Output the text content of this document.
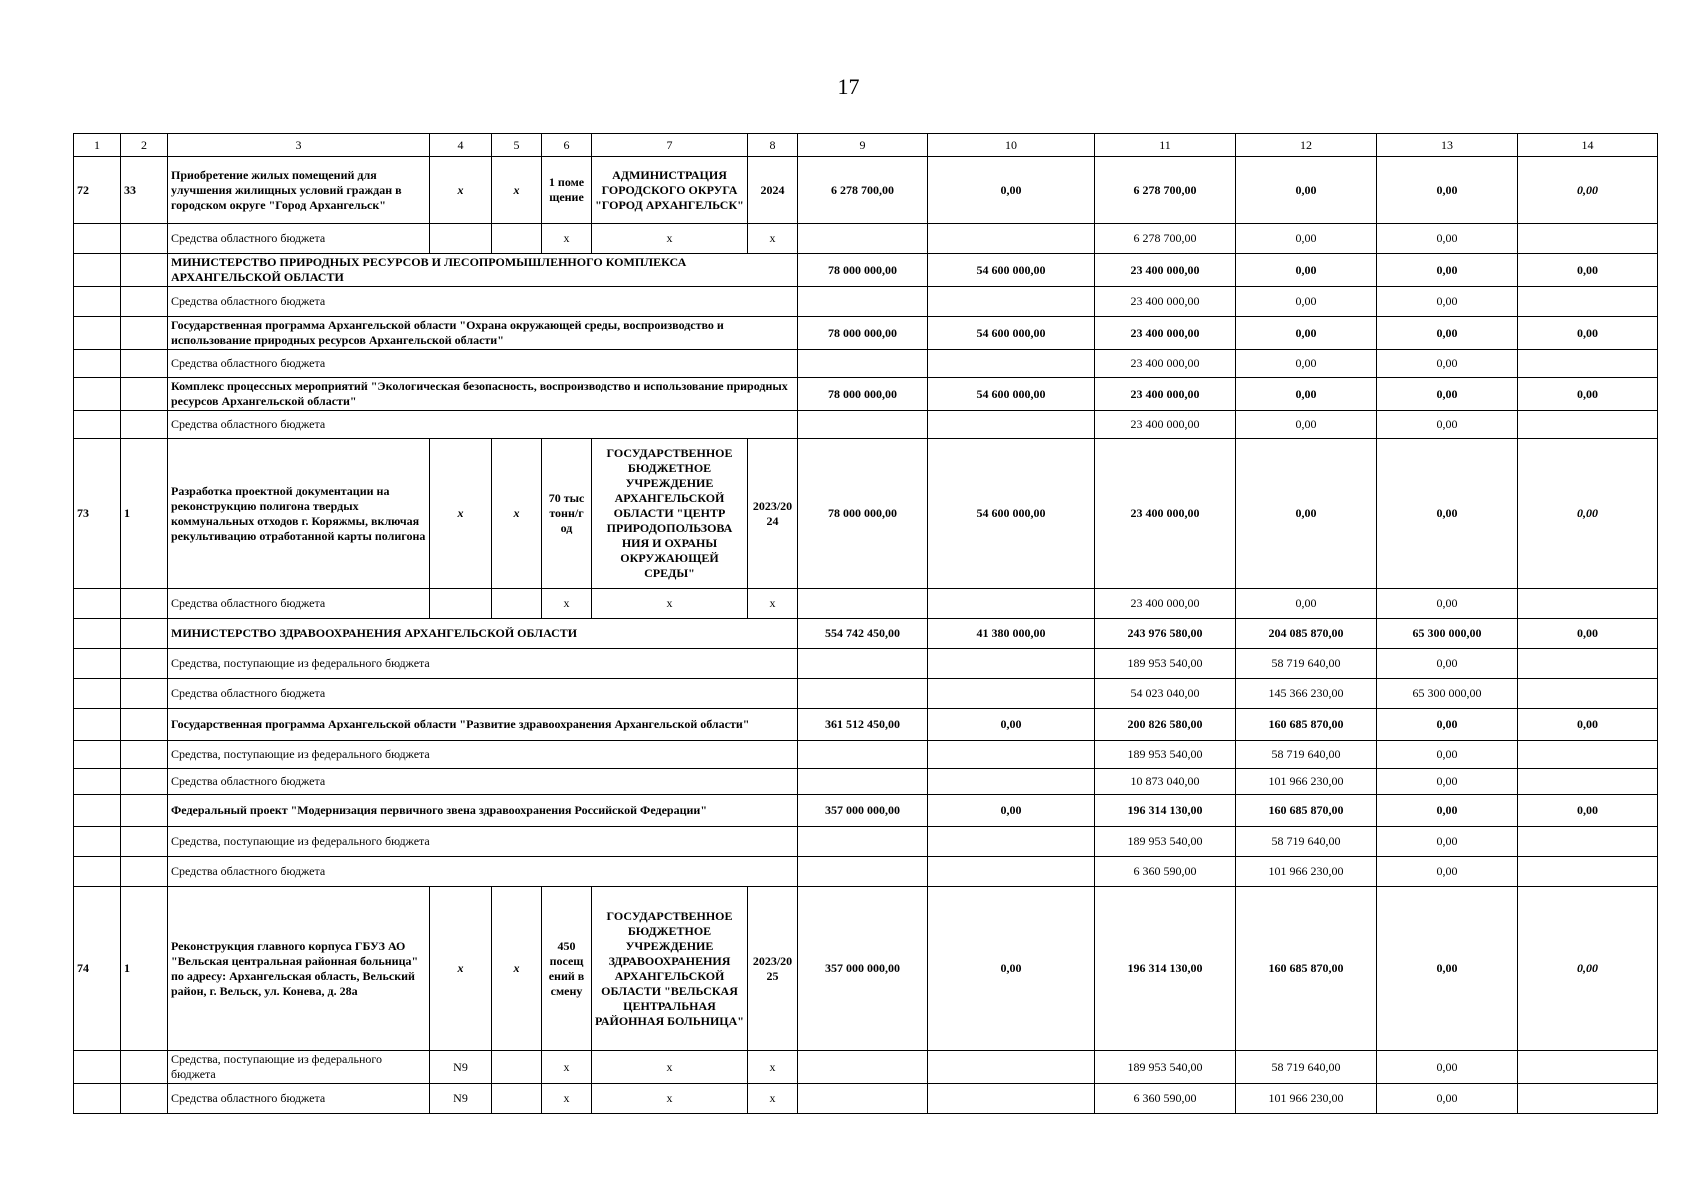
17
1	2	3	4	5	6	7	8	9	10	11	12	13	14
72	33	Приобретение жилых помещений для улучшения жилищных условий граждан в городском округе "Город Архангельск"	x	x	1 поме щение	АДМИНИСТРАЦИЯ ГОРОДСКОГО ОКРУГА "ГОРОД АРХАНГЕЛЬСК"	2024	6 278 700,00	0,00	6 278 700,00	0,00	0,00	0,00
		Средства областного бюджета			x	x	x			6 278 700,00	0,00	0,00	
		МИНИСТЕРСТВО ПРИРОДНЫХ РЕСУРСОВ И ЛЕСОПРОМЫШЛЕННОГО КОМПЛЕКСА АРХАНГЕЛЬСКОЙ ОБЛАСТИ						78 000 000,00	54 600 000,00	23 400 000,00	0,00	0,00	0,00
		Средства областного бюджета								23 400 000,00	0,00	0,00	
		Государственная программа Архангельской области "Охрана окружающей среды, воспроизводство и использование природных ресурсов Архангельской области"						78 000 000,00	54 600 000,00	23 400 000,00	0,00	0,00	0,00
		Средства областного бюджета								23 400 000,00	0,00	0,00	
		Комплекс процессных мероприятий "Экологическая безопасность, воспроизводство и использование природных ресурсов Архангельской области"						78 000 000,00	54 600 000,00	23 400 000,00	0,00	0,00	0,00
		Средства областного бюджета								23 400 000,00	0,00	0,00	
73	1	Разработка проектной документации на реконструкцию полигона твердых коммунальных отходов г. Коряжмы, включая рекультивацию отработанной карты полигона	x	x	70 тыс тонн/г од	ГОСУДАРСТВЕННОЕ БЮДЖЕТНОЕ УЧРЕЖДЕНИЕ АРХАНГЕЛЬСКОЙ ОБЛАСТИ "ЦЕНТР ПРИРОДОПОЛЬЗОВА НИЯ И ОХРАНЫ ОКРУЖАЮЩЕЙ СРЕДЫ"	2023/20 24	78 000 000,00	54 600 000,00	23 400 000,00	0,00	0,00	0,00
		Средства областного бюджета			x	x	x			23 400 000,00	0,00	0,00	
		МИНИСТЕРСТВО ЗДРАВООХРАНЕНИЯ АРХАНГЕЛЬСКОЙ ОБЛАСТИ						554 742 450,00	41 380 000,00	243 976 580,00	204 085 870,00	65 300 000,00	0,00
		Средства, поступающие из федерального бюджета								189 953 540,00	58 719 640,00	0,00	
		Средства областного бюджета								54 023 040,00	145 366 230,00	65 300 000,00	
		Государственная программа Архангельской области "Развитие здравоохранения Архангельской области"						361 512 450,00	0,00	200 826 580,00	160 685 870,00	0,00	0,00
		Средства, поступающие из федерального бюджета								189 953 540,00	58 719 640,00	0,00	
		Средства областного бюджета								10 873 040,00	101 966 230,00	0,00	
		Федеральный проект "Модернизация первичного звена здравоохранения Российской Федерации"						357 000 000,00	0,00	196 314 130,00	160 685 870,00	0,00	0,00
		Средства, поступающие из федерального бюджета								189 953 540,00	58 719 640,00	0,00	
		Средства областного бюджета								6 360 590,00	101 966 230,00	0,00	
74	1	Реконструкция главного корпуса ГБУЗ АО "Вельская центральная районная больница" по адресу: Архангельская область, Вельский район, г. Вельск, ул. Конева, д. 28а	x	x	450 посещ ений в смену	ГОСУДАРСТВЕННОЕ БЮДЖЕТНОЕ УЧРЕЖДЕНИЕ ЗДРАВООХРАНЕНИЯ АРХАНГЕЛЬСКОЙ ОБЛАСТИ "ВЕЛЬСКАЯ ЦЕНТРАЛЬНАЯ РАЙОННАЯ БОЛЬНИЦА"	2023/20 25	357 000 000,00	0,00	196 314 130,00	160 685 870,00	0,00	0,00
		Средства, поступающие из федерального бюджета	N9		x	x	x			189 953 540,00	58 719 640,00	0,00	
		Средства областного бюджета	N9		x	x	x			6 360 590,00	101 966 230,00	0,00	
